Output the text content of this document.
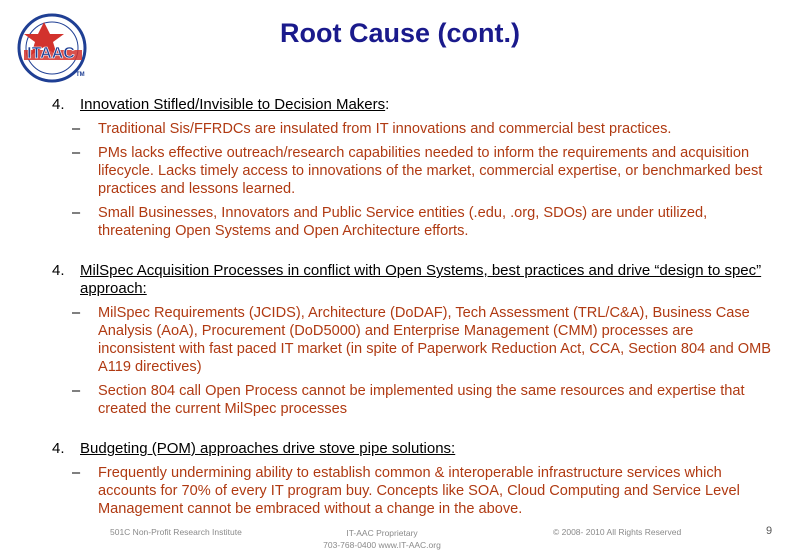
ITAAC
TM
Root Cause (cont.)
4. Innovation Stifled/Invisible to Decision Makers:
– Traditional Sis/FFRDCs are insulated from IT innovations and commercial best practices.
– PMs lacks effective outreach/research capabilities needed to inform the requirements and acquisition lifecycle. Lacks timely access to innovations of the market, commercial expertise, or benchmarked best practices and lessons learned.
– Small Businesses, Innovators and Public Service entities (.edu, .org, SDOs) are under utilized, threatening Open Systems and Open Architecture efforts.
4. MilSpec Acquisition Processes in conflict with Open Systems, best practices and drive “design to spec” approach:
– MilSpec Requirements (JCIDS), Architecture (DoDAF), Tech Assessment (TRL/C&A), Business Case Analysis (AoA), Procurement (DoD5000) and Enterprise Management (CMM) processes are inconsistent with fast paced IT market (in spite of Paperwork Reduction Act, CCA, Section 804 and OMB A119 directives)
– Section 804 call Open Process cannot be implemented using the same resources and expertise that created the current MilSpec processes
4. Budgeting (POM) approaches drive stove pipe solutions:
– Frequently undermining ability to establish common & interoperable infrastructure services which accounts for 70% of every IT program buy. Concepts like SOA, Cloud Computing and Service Level Management cannot be embraced without a change in the above.
501C Non-Profit Research Institute	IT-AAC Proprietary
703-768-0400 www.IT-AAC.org
© 2008- 2010 All Rights Reserved	9
